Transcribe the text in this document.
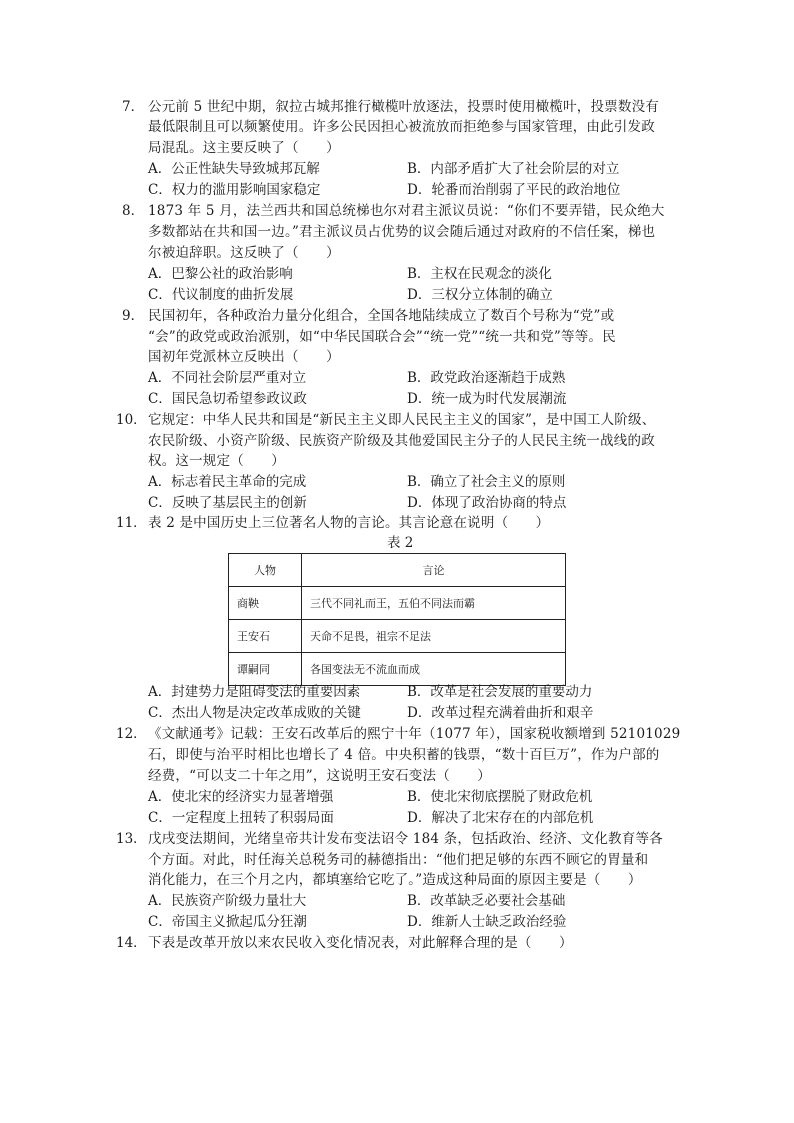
7． 公元前 5 世纪中期，叙拉古城邦推行橄榄叶放逐法，投票时使用橄榄叶，投票数没有
最低限制且可以频繁使用。许多公民因担心被流放而拒绝参与国家管理，由此引发政
局混乱。这主要反映了（　　）
A．公正性缺失导致城邦瓦解	B．内部矛盾扩大了社会阶层的对立
C．权力的滥用影响国家稳定	D．轮番而治削弱了平民的政治地位
8． 1873 年 5 月，法兰西共和国总统梯也尔对君主派议员说：“你们不要弄错，民众绝大
多数都站在共和国一边。”君主派议员占优势的议会随后通过对政府的不信任案，梯也
尔被迫辞职。这反映了（　　）
A．巴黎公社的政治影响	B．主权在民观念的淡化
C．代议制度的曲折发展	D．三权分立体制的确立
9． 民国初年，各种政治力量分化组合，全国各地陆续成立了数百个号称为“党”或
“会”的政党或政治派别，如“中华民国联合会”“统一党”“统一共和党”等等。民
国初年党派林立反映出（　　）
A．不同社会阶层严重对立	B．政党政治逐渐趋于成熟
C．国民急切希望参政议政	D．统一成为时代发展潮流
10． 它规定：中华人民共和国是“新民主主义即人民民主主义的国家”，是中国工人阶级、
农民阶级、小资产阶级、民族资产阶级及其他爱国民主分子的人民民主统一战线的政
权。这一规定（　　）
A．标志着民主革命的完成	B．确立了社会主义的原则
C．反映了基层民主的创新	D．体现了政治协商的特点
11． 表 2 是中国历史上三位著名人物的言论。其言论意在说明（　　）
表 2
人物	言论
商鞅	三代不同礼而王，五伯不同法而霸
王安石	天命不足畏，祖宗不足法
谭嗣同	各国变法无不流血而成
A．封建势力是阻碍变法的重要因素	B．改革是社会发展的重要动力
C．杰出人物是决定改革成败的关键	D．改革过程充满着曲折和艰辛
12． 《文献通考》记载：王安石改革后的熙宁十年（1077 年），国家税收额增到 52101029
石，即使与治平时相比也增长了 4 倍。中央积蓄的钱票，“数十百巨万”，作为户部的
经费，“可以支二十年之用”，这说明王安石变法（　　）
A．使北宋的经济实力显著增强	B．使北宋彻底摆脱了财政危机
C．一定程度上扭转了积弱局面	D．解决了北宋存在的内部危机
13． 戊戌变法期间，光绪皇帝共计发布变法诏令 184 条，包括政治、经济、文化教育等各
个方面。对此，时任海关总税务司的赫德指出：“他们把足够的东西不顾它的胃量和
消化能力，在三个月之内，都填塞给它吃了。”造成这种局面的原因主要是（　　）
A．民族资产阶级力量壮大	B．改革缺乏必要社会基础
C．帝国主义掀起瓜分狂潮	D．维新人士缺乏政治经验
14． 下表是改革开放以来农民收入变化情况表，对此解释合理的是（　　）
